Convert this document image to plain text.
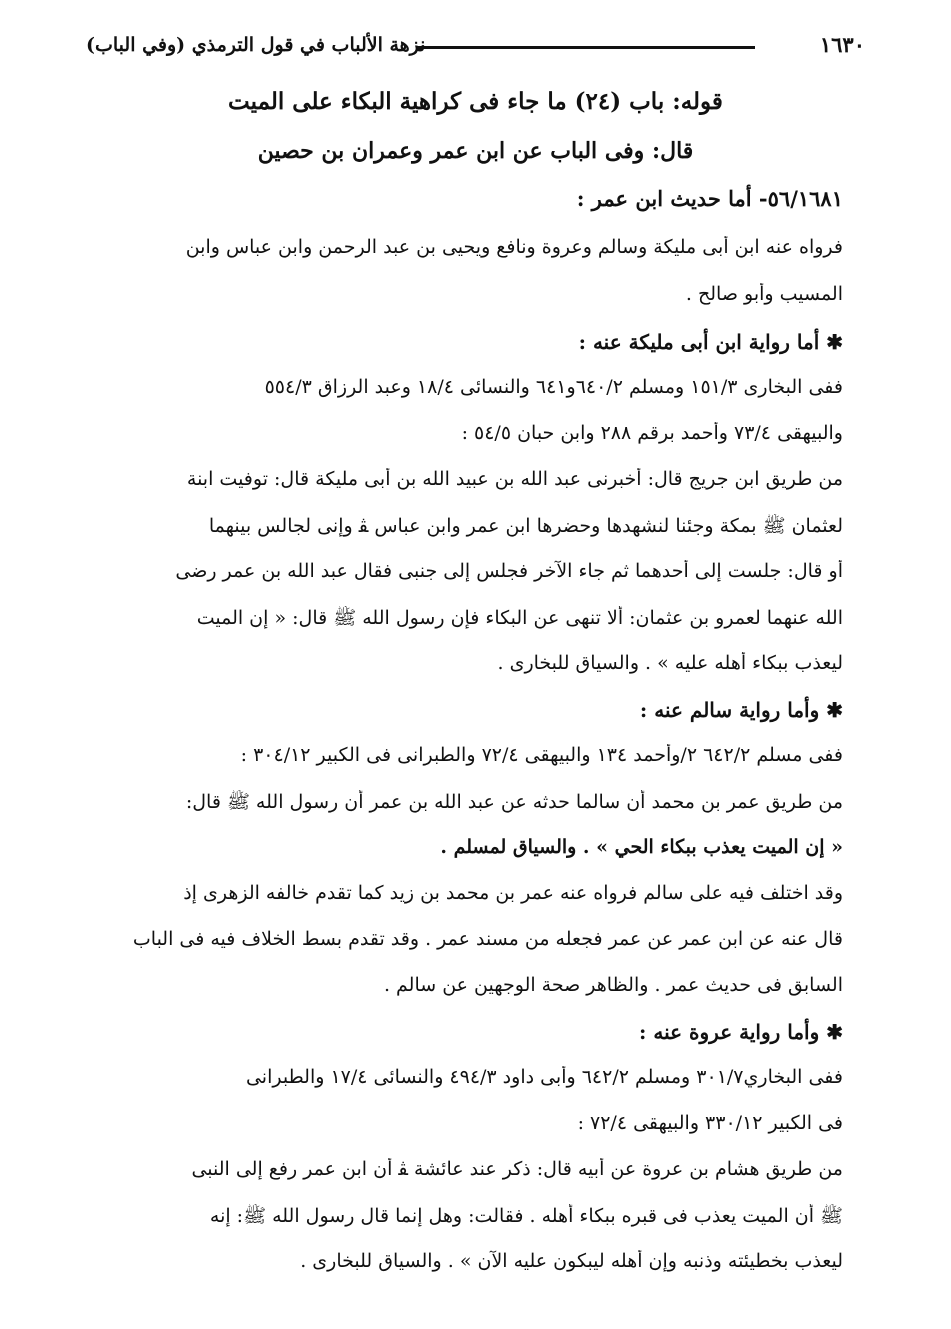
نزهة الألباب في قول الترمذي (وفي الباب)	١٦٣٠
قوله: باب (٢٤) ما جاء فى كراهية البكاء على الميت
قال: وفى الباب عن ابن عمر وعمران بن حصين
٥٦/١٦٨١- أما حديث ابن عمر :
فرواه عنه ابن أبى مليكة وسالم وعروة ونافع ويحيى بن عبد الرحمن وابن عباس وابن
المسيب وأبو صالح .
✱ أما رواية ابن أبى مليكة عنه :
ففى البخارى ١٥١/٣ ومسلم ٦٤٠/٢و٦٤١ والنسائى ١٨/٤ وعبد الرزاق ٥٥٤/٣
والبيهقى ٧٣/٤ وأحمد برقم ٢٨٨ وابن حبان ٥٤/٥ :
من طريق ابن جريج قال: أخبرنى عبد الله بن عبيد الله بن أبى مليكة قال: توفيت ابنة
لعثمان ﷺ بمكة وجئنا لنشهدها وحضرها ابن عمر وابن عباس ﭭ وإنى لجالس بينهما
أو قال: جلست إلى أحدهما ثم جاء الآخر فجلس إلى جنبى فقال عبد الله بن عمر رضى
الله عنهما لعمرو بن عثمان: ألا تنهى عن البكاء فإن رسول الله ﷺ قال: « إن الميت
ليعذب ببكاء أهله عليه » . والسياق للبخارى .
✱ وأما رواية سالم عنه :
ففى مسلم ٦٤٢/٢ ٢/وأحمد ١٣٤ والبيهقى ٧٢/٤ والطبرانى فى الكبير ٣٠٤/١٢ :
من طريق عمر بن محمد أن سالما حدثه عن عبد الله بن عمر أن رسول الله ﷺ قال:
« إن الميت يعذب ببكاء الحي » . والسياق لمسلم .
وقد اختلف فيه على سالم فرواه عنه عمر بن محمد بن زيد كما تقدم خالفه الزهرى إذ
قال عنه عن ابن عمر عن عمر فجعله من مسند عمر . وقد تقدم بسط الخلاف فيه فى الباب
السابق فى حديث عمر . والظاهر صحة الوجهين عن سالم .
✱ وأما رواية عروة عنه :
ففى البخاري٣٠١/٧ ومسلم ٦٤٢/٢ وأبى داود ٤٩٤/٣ والنسائى ١٧/٤ والطبرانى
فى الكبير ٣٣٠/١٢ والبيهقى ٧٢/٤ :
من طريق هشام بن عروة عن أبيه قال: ذكر عند عائشة ﭭ أن ابن عمر رفع إلى النبى
ﷺ أن الميت يعذب فى قبره ببكاء أهله . فقالت: وهل إنما قال رسول الله ﷺ: إنه
ليعذب بخطيئته وذنبه وإن أهله ليبكون عليه الآن » . والسياق للبخارى .
